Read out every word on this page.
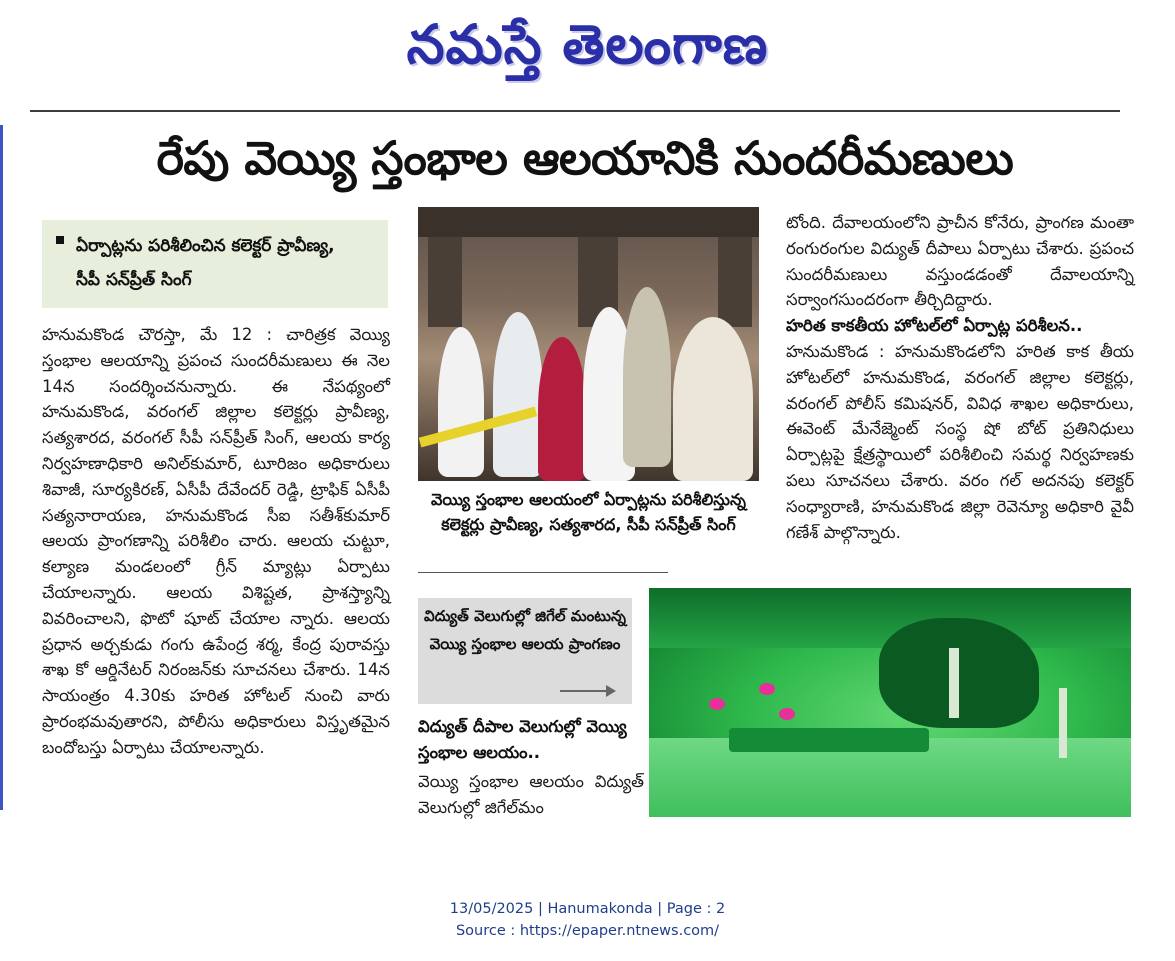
నమస్తే తెలంగాణ
రేపు వెయ్యి స్తంభాల ఆలయానికి సుందరీమణులు
ఏర్పాట్లను పరిశీలించిన కలెక్టర్ ప్రావీణ్య,
సీపీ సన్‌ప్రీత్ సింగ్

హనుమకొండ చౌరస్తా, మే 12 : చారిత్రక వెయ్యి స్తంభాల ఆలయాన్ని ప్రపంచ సుందరీమణులు ఈ నెల 14న సందర్శించనున్నారు. ఈ నేపథ్యంలో హనుమకొండ, వరంగల్ జిల్లాల కలెక్టర్లు ప్రావీణ్య, సత్యశారద, వరంగల్ సీపీ సన్‌ప్రీత్ సింగ్, ఆలయ కార్య నిర్వహణాధికారి అనిల్‌కుమార్, టూరిజం అధికారులు శివాజీ, సూర్యకిరణ్, ఏసీపీ దేవేందర్ రెడ్డి, ట్రాఫిక్ ఏసీపీ సత్యనారాయణ, హనుమకొండ సీఐ సతీశ్‌కుమార్ ఆలయ ప్రాంగణాన్ని పరిశీలిం చారు. ఆలయ చుట్టూ, కల్యాణ మండలంలో గ్రీన్ మ్యాట్లు ఏర్పాటు చేయాలన్నారు. ఆలయ విశిష్టత, ప్రాశస్త్యాన్ని వివరించాలని, ఫొటో షూట్ చేయాల న్నారు. ఆలయ ప్రధాన అర్చకుడు గంగు ఉపేంద్ర శర్మ, కేంద్ర పురావస్తు శాఖ కో ఆర్డినేటర్ నిరంజన్‌కు సూచనలు చేశారు. 14న సాయంత్రం 4.30కు హరిత హోటల్ నుంచి వారు ప్రారంభమవుతారని, పోలీసు అధికారులు విస్తృతమైన బందోబస్తు ఏర్పాటు చేయాలన్నారు.

వెయ్యి స్తంభాల ఆలయంలో ఏర్పాట్లను పరిశీలిస్తున్న కలెక్టర్లు ప్రావీణ్య, సత్యశారద, సీపీ సన్‌ప్రీత్ సింగ్

టోంది. దేవాలయంలోని ప్రాచీన కోనేరు, ప్రాంగణ మంతా రంగురంగుల విద్యుత్ దీపాలు ఏర్పాటు చేశారు. ప్రపంచ సుందరీమణులు వస్తుండడంతో దేవాలయాన్ని సర్వాంగసుందరంగా తీర్చిదిద్దారు.

హరిత కాకతీయ హోటల్‌లో ఏర్పాట్ల పరిశీలన..

హనుమకొండ : హనుమకొండలోని హరిత కాక తీయ హోటల్‌లో హనుమకొండ, వరంగల్ జిల్లాల కలెక్టర్లు, వరంగల్ పోలీస్ కమిషనర్, వివిధ శాఖల అధికారులు, ఈవెంట్ మేనేజ్మెంట్ సంస్థ షో బోట్ ప్రతినిధులు ఏర్పాట్లపై క్షేత్రస్థాయిలో పరిశీలించి సమర్థ నిర్వహణకు పలు సూచనలు చేశారు. వరం గల్ అదనపు కలెక్టర్ సంధ్యారాణి, హనుమకొండ జిల్లా రెవెన్యూ అధికారి వైవీ గణేశ్ పాల్గొన్నారు.

విద్యుత్ వెలుగుల్లో జిగేల్ మంటున్న వెయ్యి స్తంభాల ఆలయ ప్రాంగణం
విద్యుత్ దీపాల వెలుగుల్లో వెయ్యి స్తంభాల ఆలయం..
వెయ్యి స్తంభాల ఆలయం విద్యుత్ వెలుగుల్లో జిగేల్‌మం
13/05/2025 | Hanumakonda | Page : 2
Source : https://epaper.ntnews.com/
